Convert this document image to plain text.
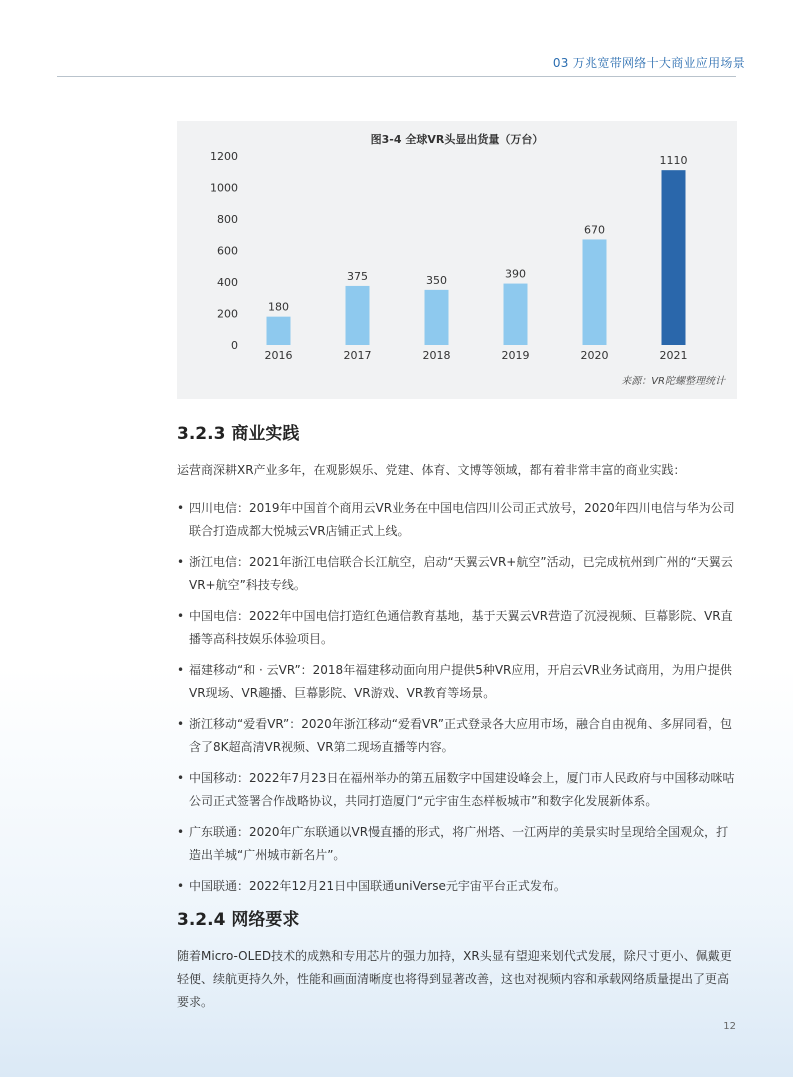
03 万兆宽带网络十大商业应用场景
图3-4 全球VR头显出货量（万台）
0
200
400
600
800
1000
1200
180
2016
375
2017
350
2018
390
2019
670
2020
1110
2021
来源：VR陀螺整理统计
3.2.3 商业实践

运营商深耕XR产业多年，在观影娱乐、党建、体育、文博等领域，都有着非常丰富的商业实践：

• 四川电信：2019年中国首个商用云VR业务在中国电信四川公司正式放号，2020年四川电信与华为公司联合打造成都大悦城云VR店铺正式上线。
• 浙江电信：2021年浙江电信联合长江航空，启动“天翼云VR+航空”活动，已完成杭州到广州的“天翼云VR+航空”科技专线。
• 中国电信：2022年中国电信打造红色通信教育基地，基于天翼云VR营造了沉浸视频、巨幕影院、VR直播等高科技娱乐体验项目。
• 福建移动“和 · 云VR”：2018年福建移动面向用户提供5种VR应用，开启云VR业务试商用，为用户提供VR现场、VR趣播、巨幕影院、VR游戏、VR教育等场景。
• 浙江移动“爱看VR”：2020年浙江移动“爱看VR”正式登录各大应用市场，融合自由视角、多屏同看，包含了8K超高清VR视频、VR第二现场直播等内容。
• 中国移动：2022年7月23日在福州举办的第五届数字中国建设峰会上，厦门市人民政府与中国移动咪咕公司正式签署合作战略协议，共同打造厦门“元宇宙生态样板城市”和数字化发展新体系。
• 广东联通：2020年广东联通以VR慢直播的形式，将广州塔、一江两岸的美景实时呈现给全国观众，打造出羊城“广州城市新名片”。
• 中国联通：2022年12月21日中国联通uniVerse元宇宙平台正式发布。
3.2.4 网络要求

随着Micro-OLED技术的成熟和专用芯片的强力加持，XR头显有望迎来划代式发展，除尺寸更小、佩戴更轻便、续航更持久外，性能和画面清晰度也将得到显著改善，这也对视频内容和承载网络质量提出了更高要求。

12
